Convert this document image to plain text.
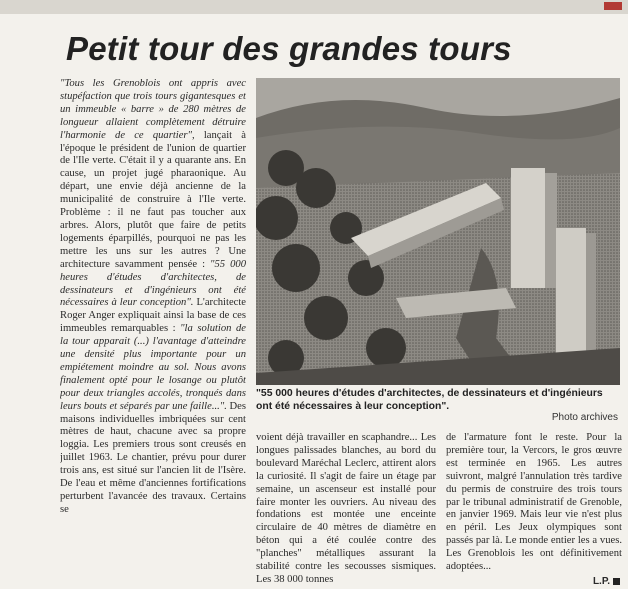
Petit tour des grandes tours

"Tous les Grenoblois ont appris avec stupéfaction que trois tours gigantesques et un immeuble « barre » de 280 mètres de longueur allaient complètement détruire l'harmonie de ce quartier", lançait à l'époque le président de l'union de quartier de l'Ile verte. C'était il y a quarante ans. En cause, un projet jugé pharaonique. Au départ, une envie déjà ancienne de la municipalité de construire à l'Ile verte. Problème : il ne faut pas toucher aux arbres. Alors, plutôt que faire de petits logements éparpillés, pourquoi ne pas les mettre les uns sur les autres ? Une architecture savamment pensée : "55 000 heures d'études d'architectes, de dessinateurs et d'ingénieurs ont été nécessaires à leur conception". L'architecte Roger Anger expliquait ainsi la base de ces immeubles remarquables : "la solution de la tour apparait (...) l'avantage d'atteindre une densité plus importante pour un empiétement moindre au sol. Nous avons finalement opté pour le losange ou plutôt pour deux triangles accolés, tronqués dans leurs bouts et séparés par une faille...". Des maisons individuelles imbriquées sur cent mètres de haut, chacune avec sa propre loggia. Les premiers trous sont creusés en juillet 1963. Le chantier, prévu pour durer trois ans, est situé sur l'ancien lit de l'Isère. De l'eau et même d'anciennes fortifications perturbent l'avancée des travaux. Certains se

"55 000 heures d'études d'architectes, de dessinateurs et d'ingénieurs ont été nécessaires à leur conception".
Photo archives
voient déjà travailler en scaphandre... Les longues palissades blanches, au bord du boulevard Maréchal Leclerc, attirent alors la curiosité. Il s'agit de faire un étage par semaine, un ascenseur est installé pour faire monter les ouvriers. Au niveau des fondations est montée une enceinte circulaire de 40 mètres de diamètre en béton qui a été coulée contre des "planches" métalliques assurant la stabilité contre les secousses sismiques. Les 38 000 tonnes
de l'armature font le reste. Pour la première tour, la Vercors, le gros œuvre est terminée en 1965. Les autres suivront, malgré l'annulation très tardive du permis de construire des trois tours par le tribunal administratif de Grenoble, en janvier 1969. Mais leur vie n'est plus en péril. Les Jeux olympiques sont passés par là. Le monde entier les a vues. Les Grenoblois les ont définitivement adoptées...
L.P.
